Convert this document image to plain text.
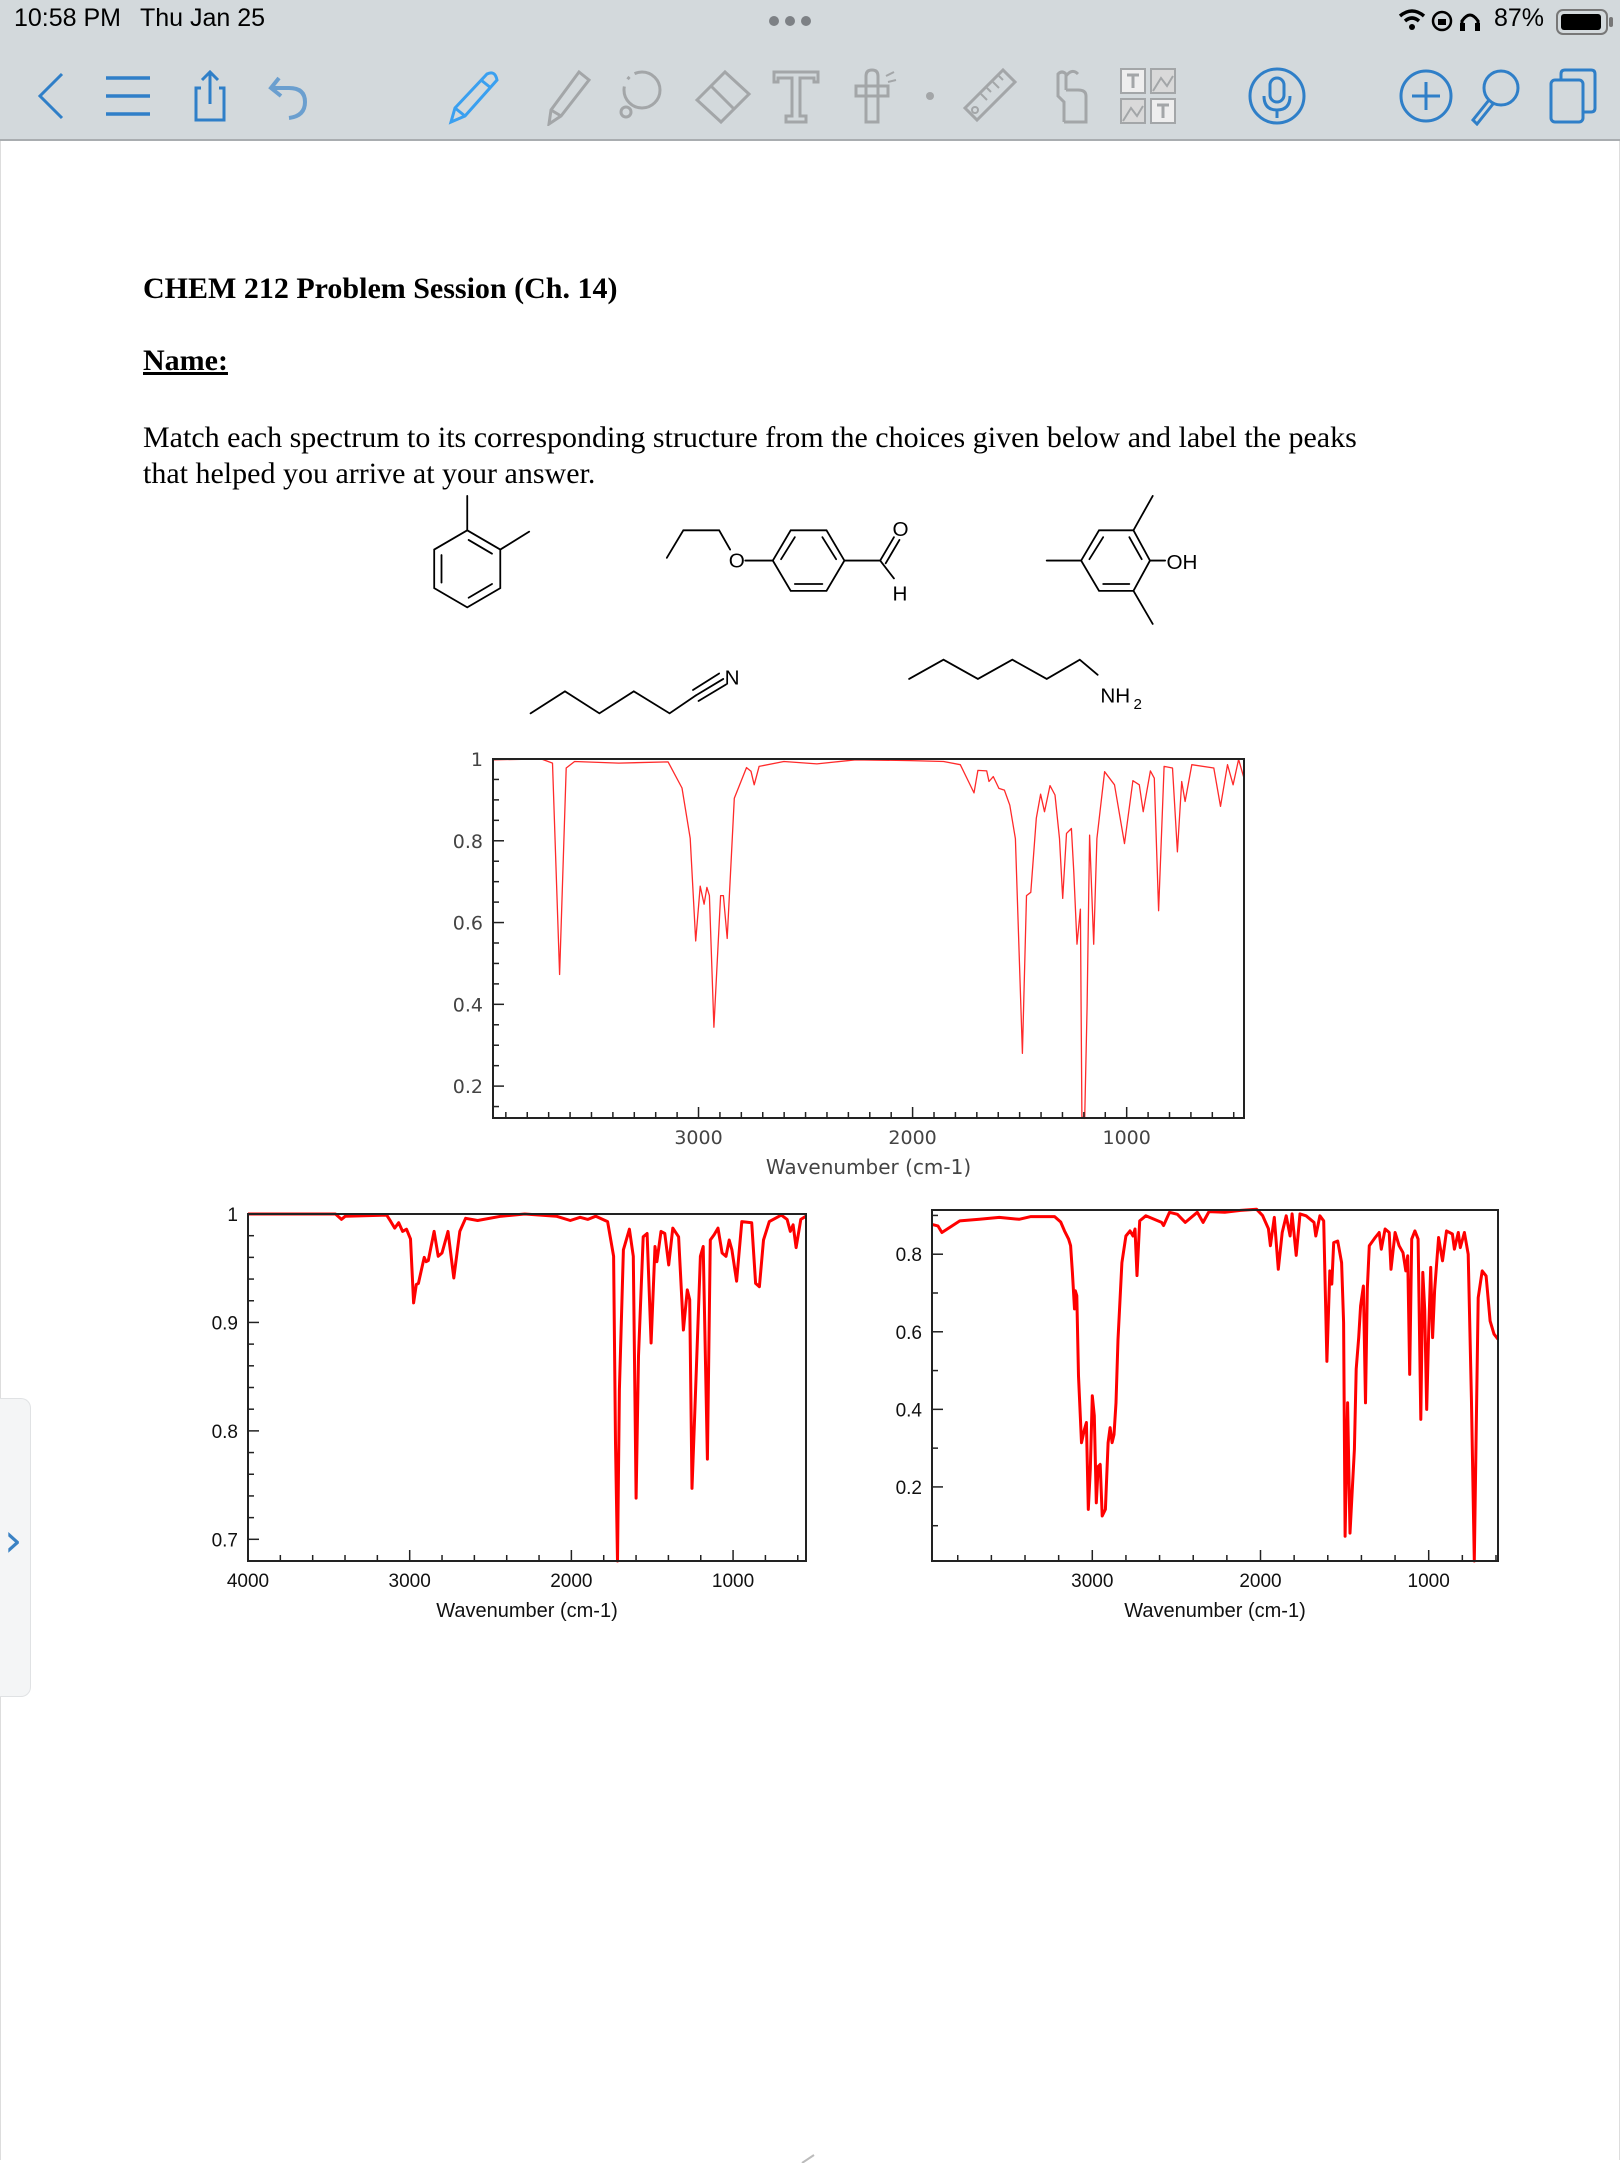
10:58 PM Thu Jan 25	87%
CHEM 212 Problem Session (Ch. 14)
Name:
Match each spectrum to its corresponding structure from the choices given below and label the peaks
that helped you arrive at your answer.
O
O
H
OH
N
NH 2
3000	2000	1000
0.2
0.4
0.6
0.8
1
Wavenumber (cm-1)
4000	3000	2000	1000
0.7
0.8
0.9
1
Wavenumber (cm-1)
3000	2000	1000
0.2
0.4
0.6
0.8
Wavenumber (cm-1)
›
